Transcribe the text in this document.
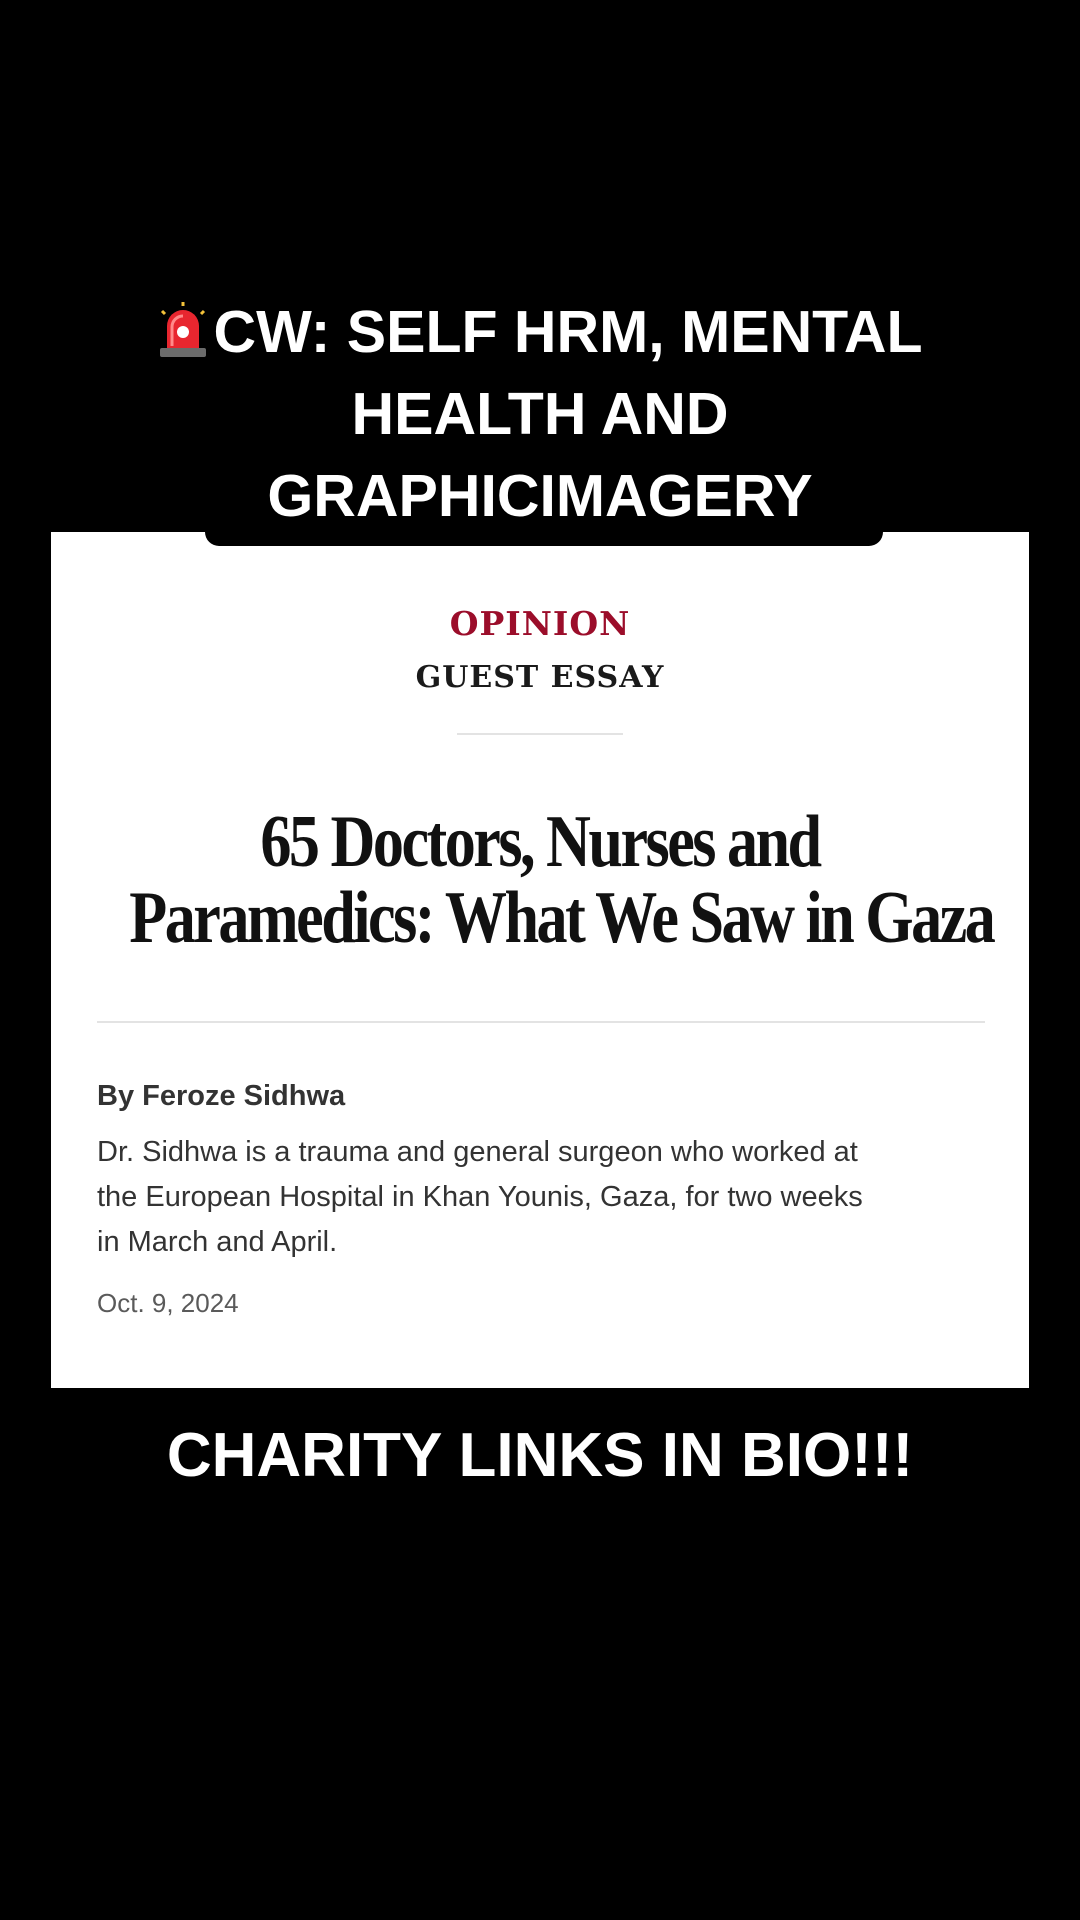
OPINION
GUEST ESSAY
65 Doctors, Nurses and
Paramedics: What We Saw in Gaza
By Feroze Sidhwa
Dr. Sidhwa is a trauma and general surgeon who worked at
the European Hospital in Khan Younis, Gaza, for two weeks
in March and April.
Oct. 9, 2024
CW: SELF HRM, MENTAL
HEALTH AND
GRAPHICIMAGERY
CHARITY LINKS IN BIO!!!
